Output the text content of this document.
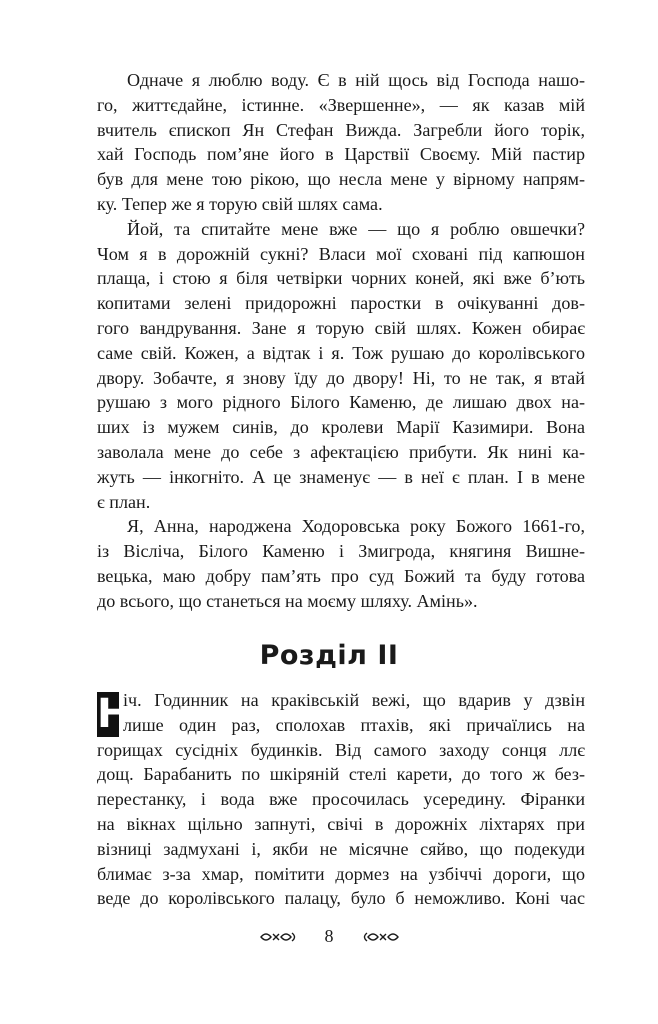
Одначе я люблю воду. Є в ній щось від Господа нашо-
го, життєдайне, істинне. «Звершенне», — як казав мій
вчитель єпископ Ян Стефан Вижда. Загребли його торік,
хай Господь пом’яне його в Царствії Своєму. Мій пастир
був для мене тою рікою, що несла мене у вірному напрям-
ку. Тепер же я торую свій шлях сама.
Йой, та спитайте мене вже — що я роблю овшечки?
Чом я в дорожній сукні? Власи мої сховані під капюшон
плаща, і стою я біля четвірки чорних коней, які вже б’ють
копитами зелені придорожні паростки в очікуванні дов-
гого вандрування. Зане я торую свій шлях. Кожен обирає
саме свій. Кожен, а відтак і я. Тож рушаю до королівського
двору. Зобачте, я знову їду до двору! Ні, то не так, я втай
рушаю з мого рідного Білого Каменю, де лишаю двох на-
ших із мужем синів, до кролеви Марії Казимири. Вона
заволала мене до себе з афектацією прибути. Як нині ка-
жуть — інкогніто. А це знаменує — в неї є план. І в мене
є план.
Я, Анна, народжена Ходоровська року Божого 1661-го,
із Вісліча, Білого Каменю і Змигрода, княгиня Вишне-
вецька, маю добру пам’ять про суд Божий та буду готова
до всього, що станеться на моєму шляху. Амінь».
Розділ ІІ
Н
іч. Годинник на краківській вежі, що вдарив у дзвін
лише один раз, сполохав птахів, які причаїлись на
горищах сусідніх будинків. Від самого заходу сонця ллє
дощ. Барабанить по шкіряній стелі карети, до того ж без-
перестанку, і вода вже просочилась усередину. Фіранки
на вікнах щільно запнуті, свічі в дорожніх ліхтарях при
візниці задмухані і, якби не місячне сяйво, що подекуди
блимає з-за хмар, помітити дормез на узбіччі дороги, що
веде до королівського палацу, було б неможливо. Коні час
8
